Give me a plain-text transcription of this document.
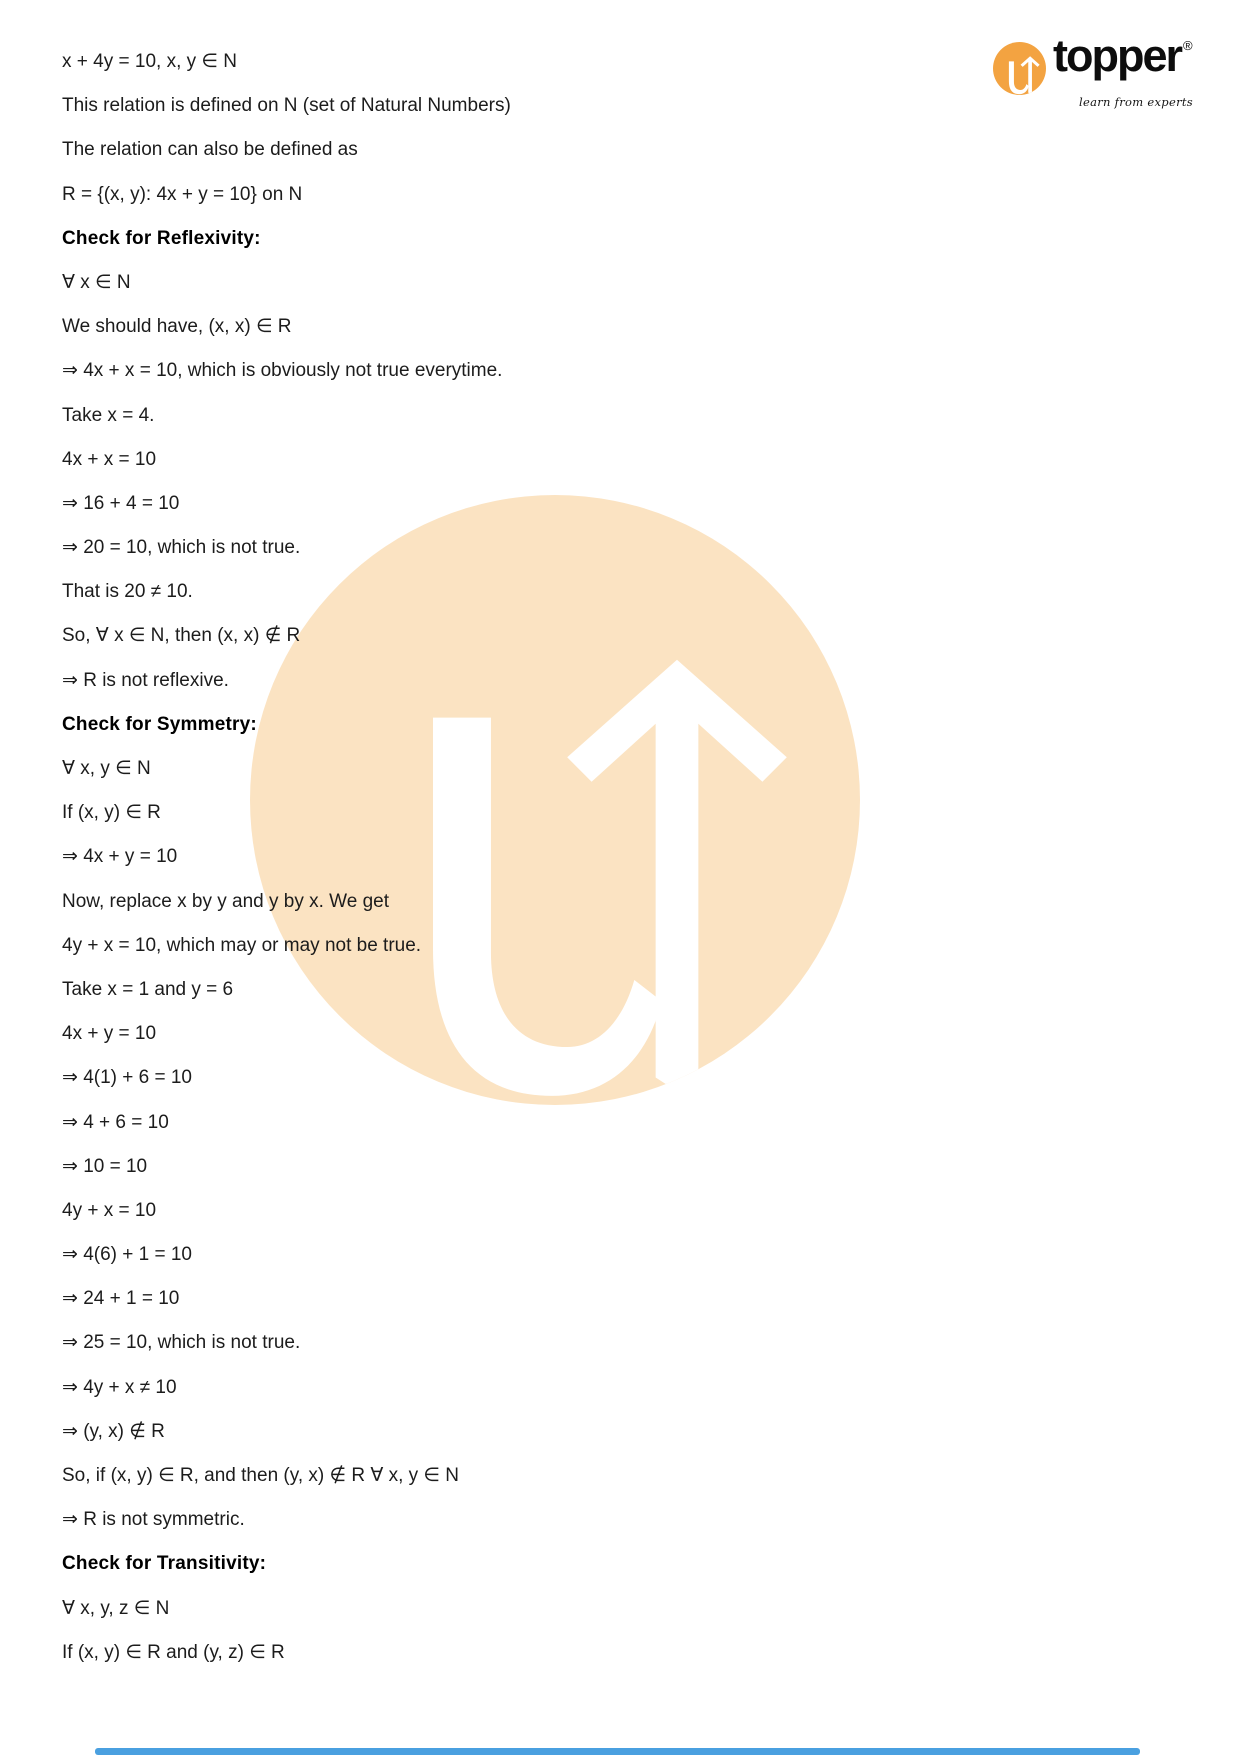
topper ®
learn from experts
x + 4y = 10, x, y ∈ N
This relation is defined on N (set of Natural Numbers)
The relation can also be defined as
R = {(x, y): 4x + y = 10} on N
Check for Reflexivity:
∀ x ∈ N
We should have, (x, x) ∈ R
⇒ 4x + x = 10, which is obviously not true everytime.
Take x = 4.
4x + x = 10
⇒ 16 + 4 = 10
⇒ 20 = 10, which is not true.
That is 20 ≠ 10.
So, ∀ x ∈ N, then (x, x) ∉ R
⇒ R is not reflexive.
Check for Symmetry:
∀ x, y ∈ N
If (x, y) ∈ R
⇒ 4x + y = 10
Now, replace x by y and y by x. We get
4y + x = 10, which may or may not be true.
Take x = 1 and y = 6
4x + y = 10
⇒ 4(1) + 6 = 10
⇒ 4 + 6 = 10
⇒ 10 = 10
4y + x = 10
⇒ 4(6) + 1 = 10
⇒ 24 + 1 = 10
⇒ 25 = 10, which is not true.
⇒ 4y + x ≠ 10
⇒ (y, x) ∉ R
So, if (x, y) ∈ R, and then (y, x) ∉ R ∀ x, y ∈ N
⇒ R is not symmetric.
Check for Transitivity:
∀ x, y, z ∈ N
If (x, y) ∈ R and (y, z) ∈ R
